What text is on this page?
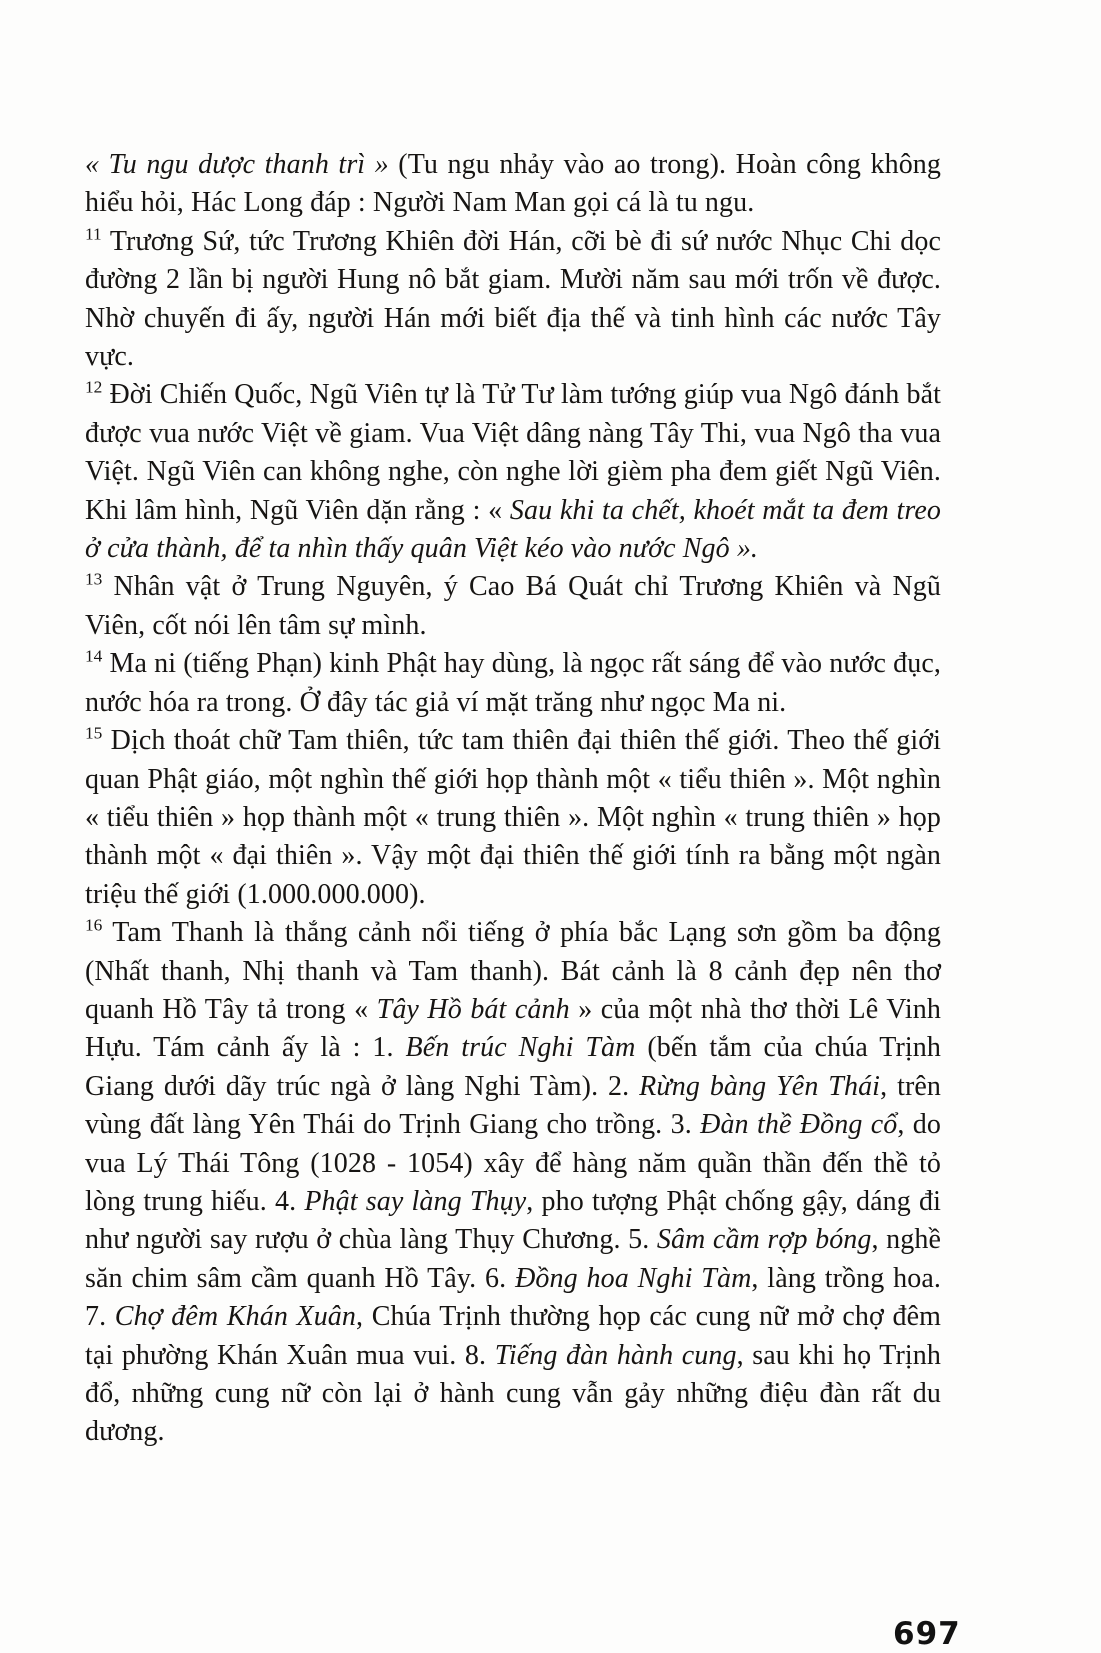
« Tu ngu dược thanh trì » (Tu ngu nhảy vào ao trong). Hoàn công không hiểu hỏi, Hác Long đáp : Người Nam Man gọi cá là tu ngu.

$^{11}$ Trương Sứ, tức Trương Khiên đời Hán, cỡi bè đi sứ nước Nhục Chi dọc đường 2 lần bị người Hung nô bắt giam. Mười năm sau mới trốn về được. Nhờ chuyến đi ấy, người Hán mới biết địa thế và tinh hình các nước Tây vực.

$^{12}$ Đời Chiến Quốc, Ngũ Viên tự là Tử Tư làm tướng giúp vua Ngô đánh bắt được vua nước Việt về giam. Vua Việt dâng nàng Tây Thi, vua Ngô tha vua Việt. Ngũ Viên can không nghe, còn nghe lời gièm pha đem giết Ngũ Viên. Khi lâm hình, Ngũ Viên dặn rằng : « Sau khi ta chết, khoét mắt ta đem treo ở cửa thành, để ta nhìn thấy quân Việt kéo vào nước Ngô ».

$^{13}$ Nhân vật ở Trung Nguyên, ý Cao Bá Quát chỉ Trương Khiên và Ngũ Viên, cốt nói lên tâm sự mình.

$^{14}$ Ma ni (tiếng Phạn) kinh Phật hay dùng, là ngọc rất sáng để vào nước đục, nước hóa ra trong. Ở đây tác giả ví mặt trăng như ngọc Ma ni.

$^{15}$ Dịch thoát chữ Tam thiên, tức tam thiên đại thiên thế giới. Theo thế giới quan Phật giáo, một nghìn thế giới họp thành một « tiểu thiên ». Một nghìn « tiểu thiên » họp thành một « trung thiên ». Một nghìn « trung thiên » họp thành một « đại thiên ». Vậy một đại thiên thế giới tính ra bằng một ngàn triệu thế giới (1.000.000.000).

$^{16}$ Tam Thanh là thắng cảnh nổi tiếng ở phía bắc Lạng sơn gồm ba động (Nhất thanh, Nhị thanh và Tam thanh). Bát cảnh là 8 cảnh đẹp nên thơ quanh Hồ Tây tả trong « Tây Hồ bát cảnh » của một nhà thơ thời Lê Vinh Hựu. Tám cảnh ấy là : 1. Bến trúc Nghi Tàm (bến tắm của chúa Trịnh Giang dưới dãy trúc ngà ở làng Nghi Tàm). 2. Rừng bàng Yên Thái, trên vùng đất làng Yên Thái do Trịnh Giang cho trồng. 3. Đàn thề Đồng cổ, do vua Lý Thái Tông (1028 - 1054) xây để hàng năm quần thần đến thề tỏ lòng trung hiếu. 4. Phật say làng Thụy, pho tượng Phật chống gậy, dáng đi như người say rượu ở chùa làng Thụy Chương. 5. Sâm cầm rợp bóng, nghề săn chim sâm cầm quanh Hồ Tây. 6. Đồng hoa Nghi Tàm, làng trồng hoa. 7. Chợ đêm Khán Xuân, Chúa Trịnh thường họp các cung nữ mở chợ đêm tại phường Khán Xuân mua vui. 8. Tiếng đàn hành cung, sau khi họ Trịnh đổ, những cung nữ còn lại ở hành cung vẫn gảy những điệu đàn rất du dương.

697
